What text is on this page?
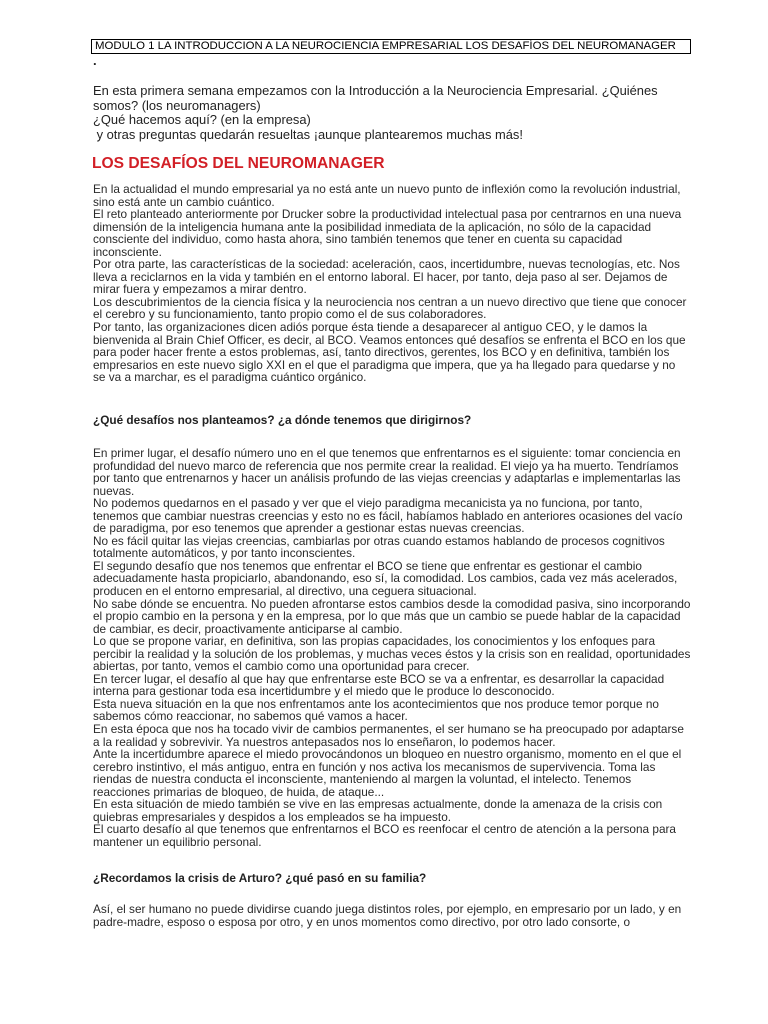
MODULO 1 LA INTRODUCCION A LA NEUROCIENCIA EMPRESARIAL LOS DESAFÍOS DEL NEUROMANAGER
.
En esta primera semana empezamos con la Introducción a la Neurociencia Empresarial. ¿Quiénes
somos? (los neuromanagers)
¿Qué hacemos aquí? (en la empresa)
y otras preguntas quedarán resueltas ¡aunque plantearemos muchas más!
LOS DESAFÍOS DEL NEUROMANAGER
En la actualidad el mundo empresarial ya no está ante un nuevo punto de inflexión como la revolución industrial,
sino está ante un cambio cuántico.
El reto planteado anteriormente por Drucker sobre la productividad intelectual pasa por centrarnos en una nueva
dimensión de la inteligencia humana ante la posibilidad inmediata de la aplicación, no sólo de la capacidad
consciente del individuo, como hasta ahora, sino también tenemos que tener en cuenta su capacidad
inconsciente.
Por otra parte, las características de la sociedad: aceleración, caos, incertidumbre, nuevas tecnologías, etc. Nos
lleva a reciclarnos en la vida y también en el entorno laboral. El hacer, por tanto, deja paso al ser. Dejamos de
mirar fuera y empezamos a mirar dentro.
Los descubrimientos de la ciencia física y la neurociencia nos centran a un nuevo directivo que tiene que conocer
el cerebro y su funcionamiento, tanto propio como el de sus colaboradores.
Por tanto, las organizaciones dicen adiós porque ésta tiende a desaparecer al antiguo CEO, y le damos la
bienvenida al Brain Chief Officer, es decir, al BCO. Veamos entonces qué desafíos se enfrenta el BCO en los que
para poder hacer frente a estos problemas, así, tanto directivos, gerentes, los BCO y en definitiva, también los
empresarios en este nuevo siglo XXI en el que el paradigma que impera, que ya ha llegado para quedarse y no
se va a marchar, es el paradigma cuántico orgánico.
¿Qué desafíos nos planteamos? ¿a dónde tenemos que dirigirnos?
En primer lugar, el desafío número uno en el que tenemos que enfrentarnos es el siguiente: tomar conciencia en
profundidad del nuevo marco de referencia que nos permite crear la realidad. El viejo ya ha muerto. Tendríamos
por tanto que entrenarnos y hacer un análisis profundo de las viejas creencias y adaptarlas e implementarlas las
nuevas.
No podemos quedarnos en el pasado y ver que el viejo paradigma mecanicista ya no funciona, por tanto,
tenemos que cambiar nuestras creencias y esto no es fácil, habíamos hablado en anteriores ocasiones del vacío
de paradigma, por eso tenemos que aprender a gestionar estas nuevas creencias.
No es fácil quitar las viejas creencias, cambiarlas por otras cuando estamos hablando de procesos cognitivos
totalmente automáticos, y por tanto inconscientes.
El segundo desafío que nos tenemos que enfrentar el BCO se tiene que enfrentar es gestionar el cambio
adecuadamente hasta propiciarlo, abandonando, eso sí, la comodidad. Los cambios, cada vez más acelerados,
producen en el entorno empresarial, al directivo, una ceguera situacional.
No sabe dónde se encuentra. No pueden afrontarse estos cambios desde la comodidad pasiva, sino incorporando
el propio cambio en la persona y en la empresa, por lo que más que un cambio se puede hablar de la capacidad
de cambiar, es decir, proactivamente anticiparse al cambio.
Lo que se propone variar, en definitiva, son las propias capacidades, los conocimientos y los enfoques para
percibir la realidad y la solución de los problemas, y muchas veces éstos y la crisis son en realidad, oportunidades
abiertas, por tanto, vemos el cambio como una oportunidad para crecer.
En tercer lugar, el desafío al que hay que enfrentarse este BCO se va a enfrentar, es desarrollar la capacidad
interna para gestionar toda esa incertidumbre y el miedo que le produce lo desconocido.
Esta nueva situación en la que nos enfrentamos ante los acontecimientos que nos produce temor porque no
sabemos cómo reaccionar, no sabemos qué vamos a hacer.
En esta época que nos ha tocado vivir de cambios permanentes, el ser humano se ha preocupado por adaptarse
a la realidad y sobrevivir. Ya nuestros antepasados nos lo enseñaron, lo podemos hacer.
Ante la incertidumbre aparece el miedo provocándonos un bloqueo en nuestro organismo, momento en el que el
cerebro instintivo, el más antiguo, entra en función y nos activa los mecanismos de supervivencia. Toma las
riendas de nuestra conducta el inconsciente, manteniendo al margen la voluntad, el intelecto. Tenemos
reacciones primarias de bloqueo, de huida, de ataque...
En esta situación de miedo también se vive en las empresas actualmente, donde la amenaza de la crisis con
quiebras empresariales y despidos a los empleados se ha impuesto.
El cuarto desafío al que tenemos que enfrentarnos el BCO es reenfocar el centro de atención a la persona para
mantener un equilibrio personal.
¿Recordamos la crisis de Arturo? ¿qué pasó en su familia?
Así, el ser humano no puede dividirse cuando juega distintos roles, por ejemplo, en empresario por un lado, y en
padre-madre, esposo o esposa por otro, y en unos momentos como directivo, por otro lado consorte, o
